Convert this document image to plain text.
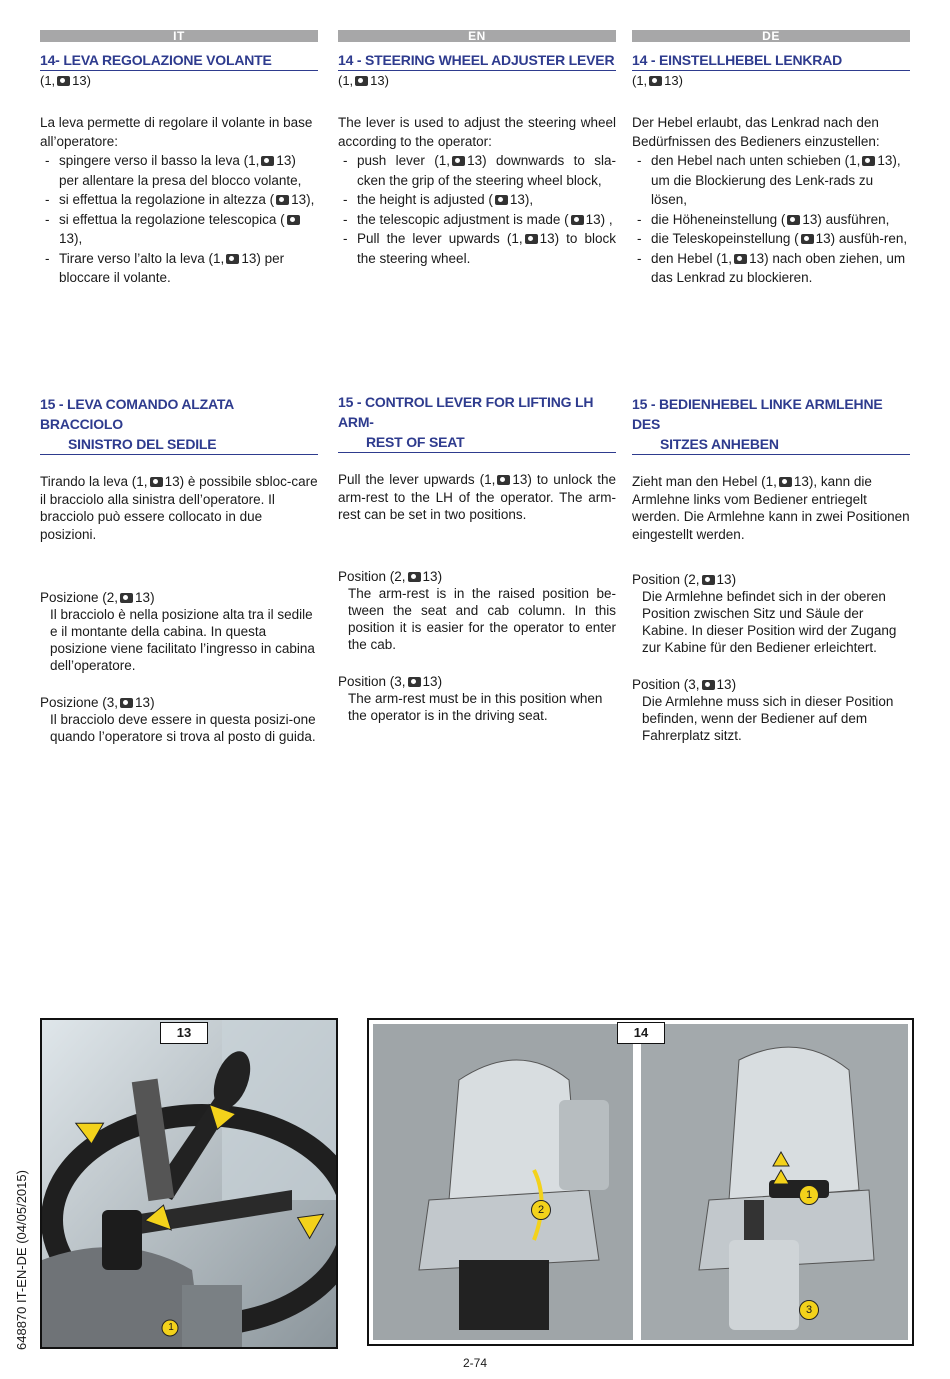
IT
14- LEVA REGOLAZIONE VOLANTE
(1, 13)

La leva permette di regolare il volante in base all’operatore:

- spingere verso il basso la leva (1, 13) per allentare la presa del blocco volante,
- si effettua la regolazione in altezza ( 13),
- si effettua la regolazione telescopica (13),
- Tirare verso l’alto la leva (1, 13) per bloccare il volante.
EN
14 - STEERING WHEEL ADJUSTER LEVER
(1, 13)

The lever is used to adjust the steering wheel according to the operator:

- push lever (1, 13) downwards to sla-cken the grip of the steering wheel block,
- the height is adjusted ( 13),
- the telescopic adjustment is made ( 13) ,
- Pull the lever upwards (1, 13) to block the steering wheel.
DE
14 - EINSTELLHEBEL LENKRAD
(1, 13)

Der Hebel erlaubt, das Lenkrad nach den Bedürfnissen des Bedieners einzustellen:

- den Hebel nach unten schieben (1, 13), um die Blockierung des Lenk-rads zu lösen,
- die Höheneinstellung ( 13) ausführen,
- die Teleskopeinstellung ( 13) ausfüh-ren,
- den Hebel (1, 13) nach oben ziehen, um das Lenkrad zu blockieren.
15 - LEVA COMANDO ALZATA BRACCIOLO
SINISTRO DEL SEDILE

Tirando la leva (1, 13) è possibile sbloc-care il bracciolo alla sinistra dell’operatore. Il bracciolo può essere collocato in due posizioni.

Posizione (2, 13)
Il bracciolo è nella posizione alta tra il sedile e il montante della cabina. In questa posizione viene facilitato l’ingresso in cabina dell’operatore.
Posizione (3, 13)
Il bracciolo deve essere in questa posizi-one quando l’operatore si trova al posto di guida.
15 - CONTROL LEVER FOR LIFTING LH ARM-
REST OF SEAT

Pull the lever upwards (1, 13) to unlock the arm-rest to the LH of the operator. The arm-rest can be set in two positions.

Position (2, 13)
The arm-rest is in the raised position be-tween the seat and cab column. In this position it is easier for the operator to enter the cab.
Position (3, 13)
The arm-rest must be in this position when the operator is in the driving seat.
15 - BEDIENHEBEL LINKE ARMLEHNE DES
SITZES ANHEBEN

Zieht man den Hebel (1, 13), kann die Armlehne links vom Bediener entriegelt werden. Die Armlehne kann in zwei Positionen eingestellt werden.

Position (2, 13)
Die Armlehne befindet sich in der oberen Position zwischen Sitz und Säule der Kabine. In dieser Position wird der Zugang zur Kabine für den Bediener erleichtert.
Position (3, 13)
Die Armlehne muss sich in dieser Position befinden, wenn der Bediener auf dem Fahrerplatz sitzt.
13
1
14
2
1
3
648870 IT-EN-DE (04/05/2015)
2-74
